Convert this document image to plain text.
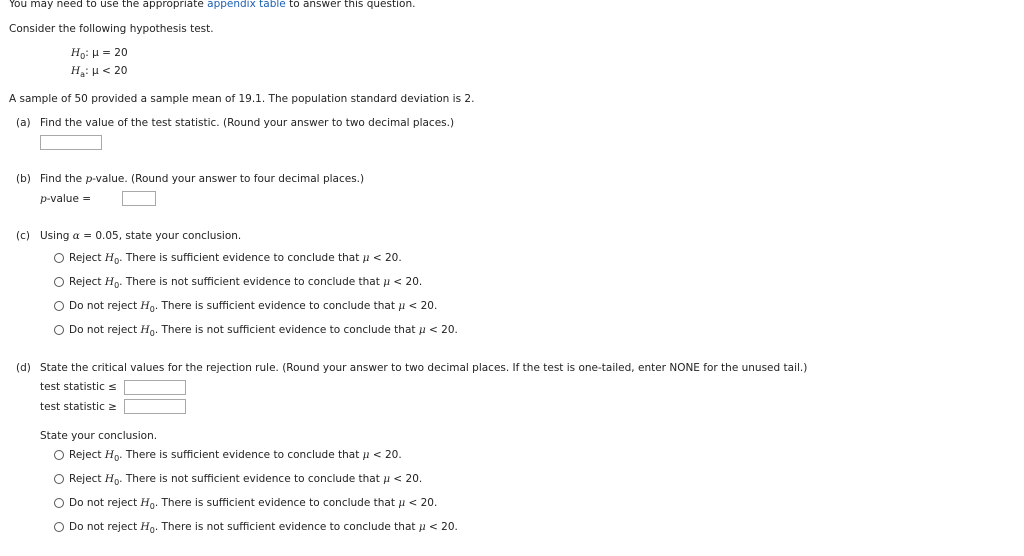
You may need to use the appropriate appendix table to answer this question.
Consider the following hypothesis test.
$H_0$: μ = 20
$H_a$: μ < 20
A sample of 50 provided a sample mean of 19.1. The population standard deviation is 2.
(a) Find the value of the test statistic. (Round your answer to two decimal places.)
(b) Find the p-value. (Round your answer to four decimal places.)
p-value =
(c) Using α = 0.05, state your conclusion.
Reject $H_0$. There is sufficient evidence to conclude that μ < 20.
Reject $H_0$. There is not sufficient evidence to conclude that μ < 20.
Do not reject $H_0$. There is sufficient evidence to conclude that μ < 20.
Do not reject $H_0$. There is not sufficient evidence to conclude that μ < 20.
(d) State the critical values for the rejection rule. (Round your answer to two decimal places. If the test is one-tailed, enter NONE for the unused tail.)
test statistic ≤
test statistic ≥
State your conclusion.
Reject $H_0$. There is sufficient evidence to conclude that μ < 20.
Reject $H_0$. There is not sufficient evidence to conclude that μ < 20.
Do not reject $H_0$. There is sufficient evidence to conclude that μ < 20.
Do not reject $H_0$. There is not sufficient evidence to conclude that μ < 20.
